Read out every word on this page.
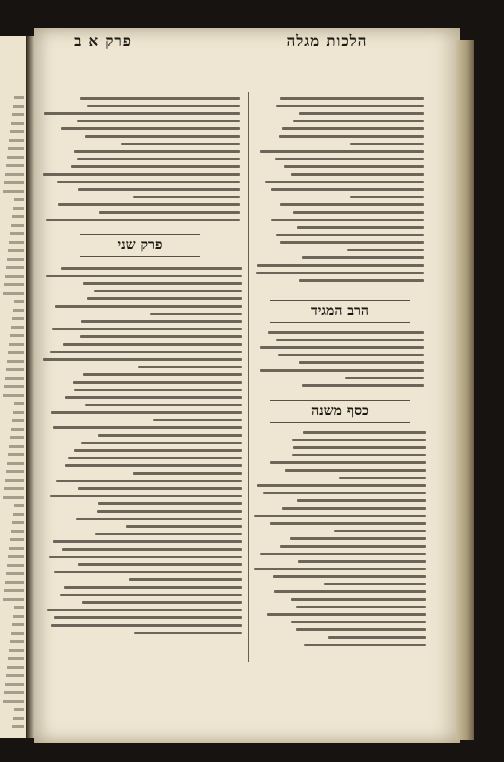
הלכות מגלה
פרק א ב
הרב המגיד
כסף משנה
פרק שני
